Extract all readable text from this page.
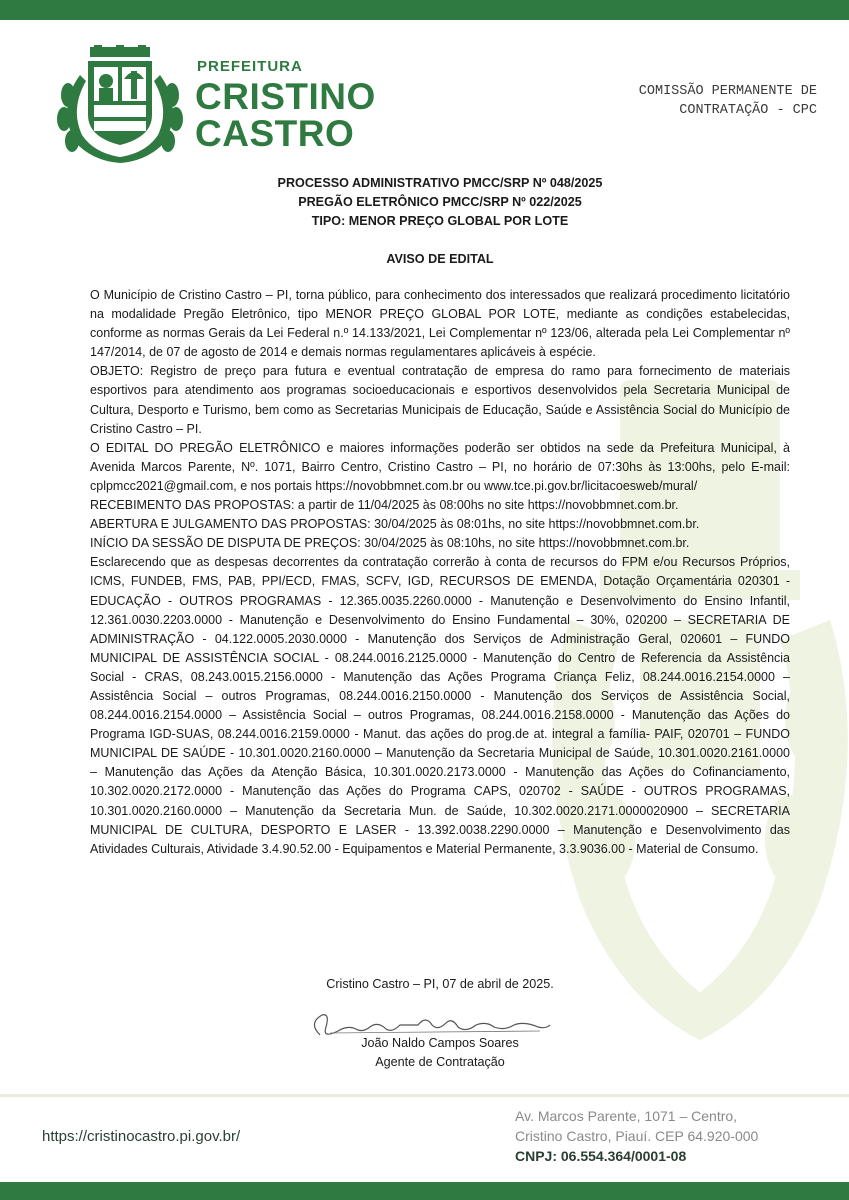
PREFEITURA
CRISTINO
CASTRO
COMISSÃO PERMANENTE DE
CONTRATAÇÃO - CPC
PROCESSO ADMINISTRATIVO PMCC/SRP Nº 048/2025
PREGÃO ELETRÔNICO PMCC/SRP Nº 022/2025
TIPO: MENOR PREÇO GLOBAL POR LOTE
AVISO DE EDITAL

O Município de Cristino Castro – PI, torna público, para conhecimento dos interessados que realizará procedimento licitatório na modalidade Pregão Eletrônico, tipo MENOR PREÇO GLOBAL POR LOTE, mediante as condições estabelecidas, conforme as normas Gerais da Lei Federal n.º 14.133/2021, Lei Complementar nº 123/06, alterada pela Lei Complementar nº 147/2014, de 07 de agosto de 2014 e demais normas regulamentares aplicáveis à espécie.

OBJETO: Registro de preço para futura e eventual contratação de empresa do ramo para fornecimento de materiais esportivos para atendimento aos programas socioeducacionais e esportivos desenvolvidos pela Secretaria Municipal de Cultura, Desporto e Turismo, bem como as Secretarias Municipais de Educação, Saúde e Assistência Social do Município de Cristino Castro – PI.

O EDITAL DO PREGÃO ELETRÔNICO e maiores informações poderão ser obtidos na sede da Prefeitura Municipal, à Avenida Marcos Parente, Nº. 1071, Bairro Centro, Cristino Castro – PI, no horário de 07:30hs às 13:00hs, pelo E-mail: cplpmcc2021@gmail.com, e nos portais https://novobbmnet.com.br ou www.tce.pi.gov.br/licitacoesweb/mural/

RECEBIMENTO DAS PROPOSTAS: a partir de 11/04/2025 às 08:00hs no site https://novobbmnet.com.br.

ABERTURA E JULGAMENTO DAS PROPOSTAS: 30/04/2025 às 08:01hs, no site https://novobbmnet.com.br.

INÍCIO DA SESSÃO DE DISPUTA DE PREÇOS: 30/04/2025 às 08:10hs, no site https://novobbmnet.com.br.

Esclarecendo que as despesas decorrentes da contratação correrão à conta de recursos do FPM e/ou Recursos Próprios, ICMS, FUNDEB, FMS, PAB, PPI/ECD, FMAS, SCFV, IGD, RECURSOS DE EMENDA, Dotação Orçamentária 020301 - EDUCAÇÃO - OUTROS PROGRAMAS - 12.365.0035.2260.0000 - Manutenção e Desenvolvimento do Ensino Infantil, 12.361.0030.2203.0000 - Manutenção e Desenvolvimento do Ensino Fundamental – 30%, 020200 – SECRETARIA DE ADMINISTRAÇÃO - 04.122.0005.2030.0000 - Manutenção dos Serviços de Administração Geral, 020601 – FUNDO MUNICIPAL DE ASSISTÊNCIA SOCIAL - 08.244.0016.2125.0000 - Manutenção do Centro de Referencia da Assistência Social - CRAS, 08.243.0015.2156.0000 - Manutenção das Ações Programa Criança Feliz, 08.244.0016.2154.0000 – Assistência Social – outros Programas, 08.244.0016.2150.0000 - Manutenção dos Serviços de Assistência Social, 08.244.0016.2154.0000 – Assistência Social – outros Programas, 08.244.0016.2158.0000 - Manutenção das Ações do Programa IGD-SUAS, 08.244.0016.2159.0000 - Manut. das ações do prog.de at. integral a família- PAIF, 020701 – FUNDO MUNICIPAL DE SAÚDE - 10.301.0020.2160.0000 – Manutenção da Secretaria Municipal de Saúde, 10.301.0020.2161.0000 – Manutenção das Ações da Atenção Básica, 10.301.0020.2173.0000 - Manutenção das Ações do Cofinanciamento, 10.302.0020.2172.0000 - Manutenção das Ações do Programa CAPS, 020702 - SAÚDE - OUTROS PROGRAMAS, 10.301.0020.2160.0000 – Manutenção da Secretaria Mun. de Saúde, 10.302.0020.2171.0000020900 – SECRETARIA MUNICIPAL DE CULTURA, DESPORTO E LASER - 13.392.0038.2290.0000 – Manutenção e Desenvolvimento das Atividades Culturais, Atividade 3.4.90.52.00 - Equipamentos e Material Permanente, 3.3.9036.00 - Material de Consumo.

Cristino Castro – PI, 07 de abril de 2025.
João Naldo Campos Soares
Agente de Contratação
https://cristinocastro.pi.gov.br/
Av. Marcos Parente, 1071 – Centro,
Cristino Castro, Piauí. CEP 64.920-000
CNPJ: 06.554.364/0001-08
